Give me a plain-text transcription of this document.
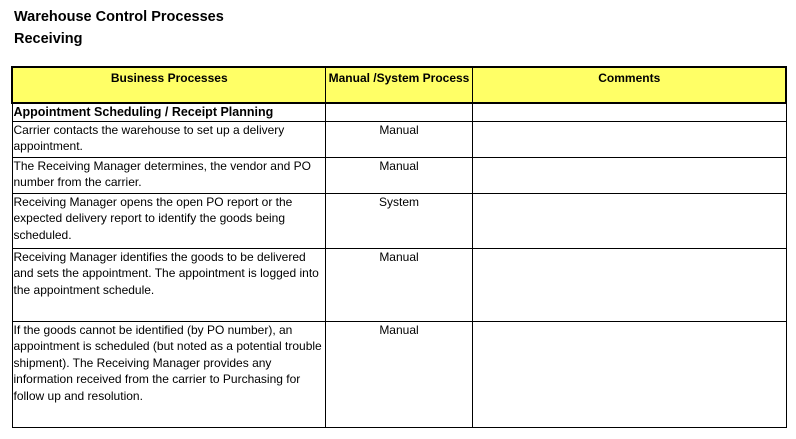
Warehouse Control Processes
Receiving
Business Processes	Manual /System Process	Comments
Appointment Scheduling / Receipt Planning		
Carrier contacts the warehouse to set up a delivery appointment.	Manual	
The Receiving Manager determines, the vendor and PO number from the carrier.	Manual	
Receiving Manager opens the open PO report or the expected delivery report to identify the goods being scheduled.	System	
Receiving Manager identifies the goods to be delivered and sets the appointment. The appointment is logged into the appointment schedule.	Manual	
If the goods cannot be identified (by PO number), an appointment is scheduled (but noted as a potential trouble shipment). The Receiving Manager provides any information received from the carrier to Purchasing for follow up and resolution.	Manual	
